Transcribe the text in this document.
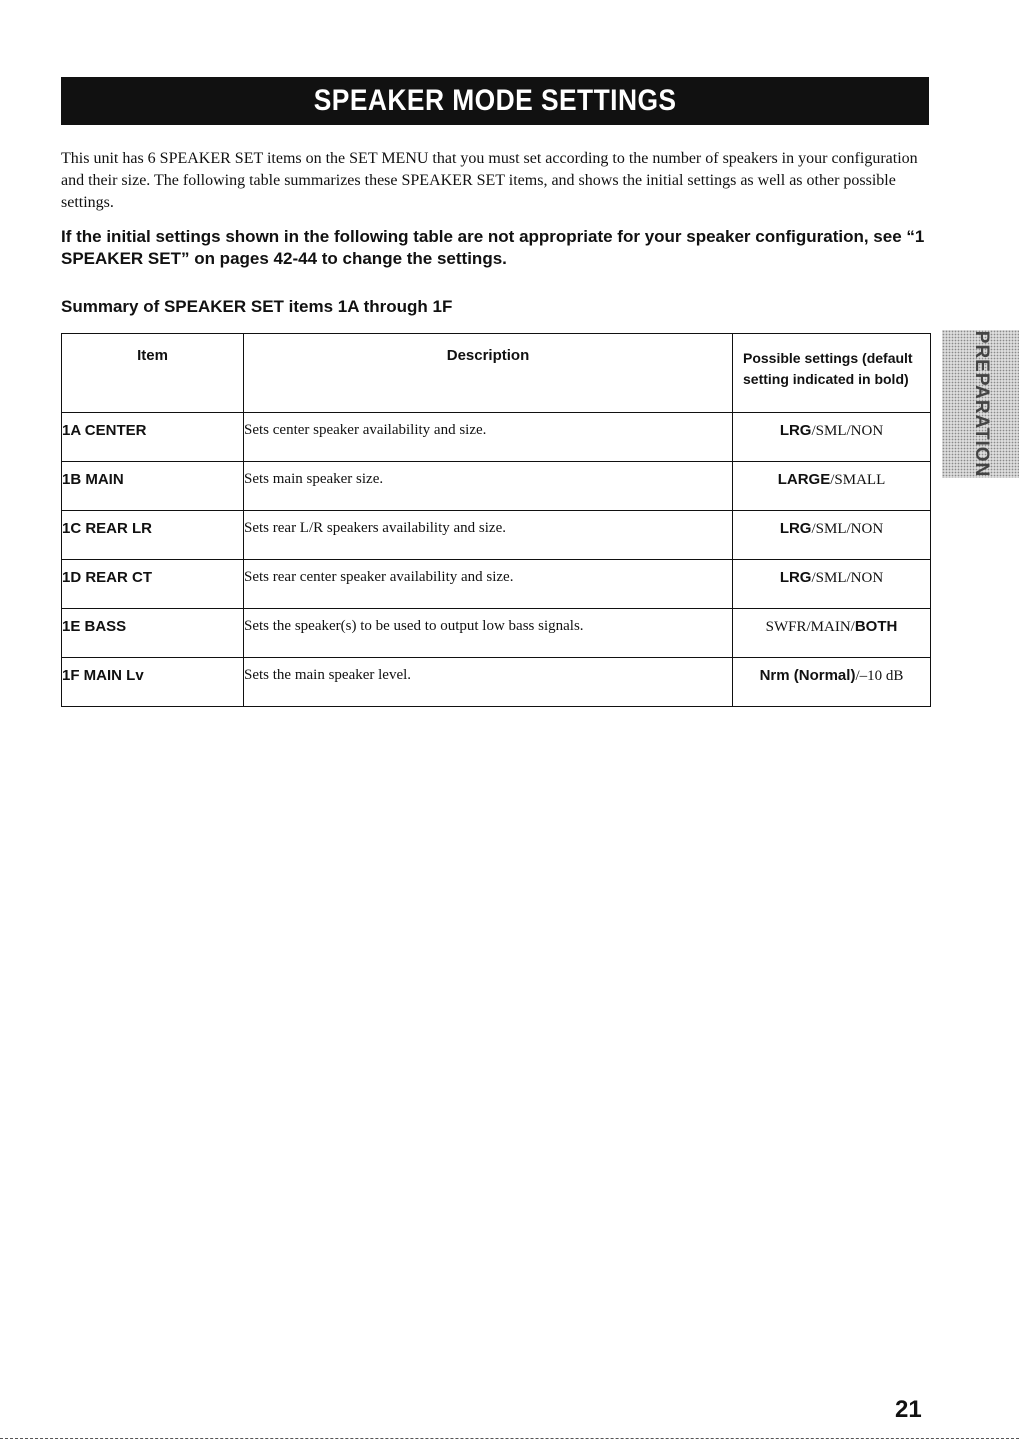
SPEAKER MODE SETTINGS

This unit has 6 SPEAKER SET items on the SET MENU that you must set according to the number of speakers in your configuration and their size. The following table summarizes these SPEAKER SET items, and shows the initial settings as well as other possible settings.

If the initial settings shown in the following table are not appropriate for your speaker configuration, see “1 SPEAKER SET” on pages 42-44 to change the settings.

Summary of SPEAKER SET items 1A through 1F

Item	Description	Possible settings (default setting indicated in bold)
1A CENTER	Sets center speaker availability and size.	LRG/SML/NON
1B MAIN	Sets main speaker size.	LARGE/SMALL
1C REAR LR	Sets rear L/R speakers availability and size.	LRG/SML/NON
1D REAR CT	Sets rear center speaker availability and size.	LRG/SML/NON
1E BASS	Sets the speaker(s) to be used to output low bass signals.	SWFR/MAIN/BOTH
1F MAIN Lv	Sets the main speaker level.	Nrm (Normal)/–10 dB
PREPARATION
21
